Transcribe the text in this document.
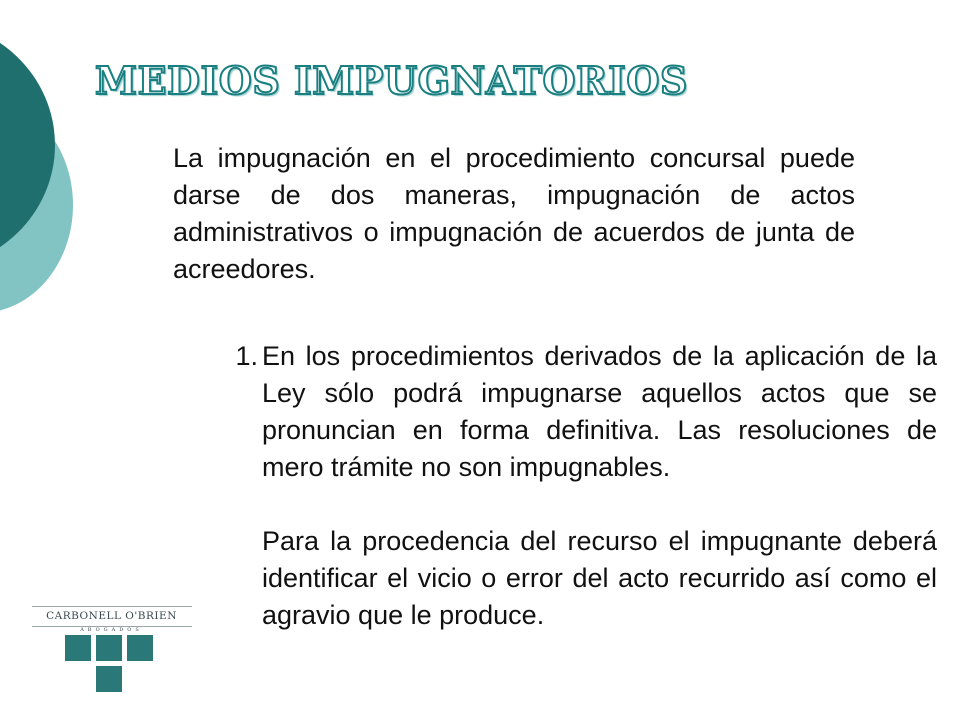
MEDIOS IMPUGNATORIOS

La impugnación en el procedimiento concursal puede darse de dos maneras, impugnación de actos administrativos o impugnación de acuerdos de junta de acreedores.

1. En los procedimientos derivados de la aplicación de la Ley sólo podrá impugnarse aquellos actos que se pronuncian en forma definitiva. Las resoluciones de mero trámite no son impugnables.

Para la procedencia del recurso el impugnante deberá identificar el vicio o error del acto recurrido así como el agravio que le produce.

CARBONELL O'BRIEN
ABOGADOS
